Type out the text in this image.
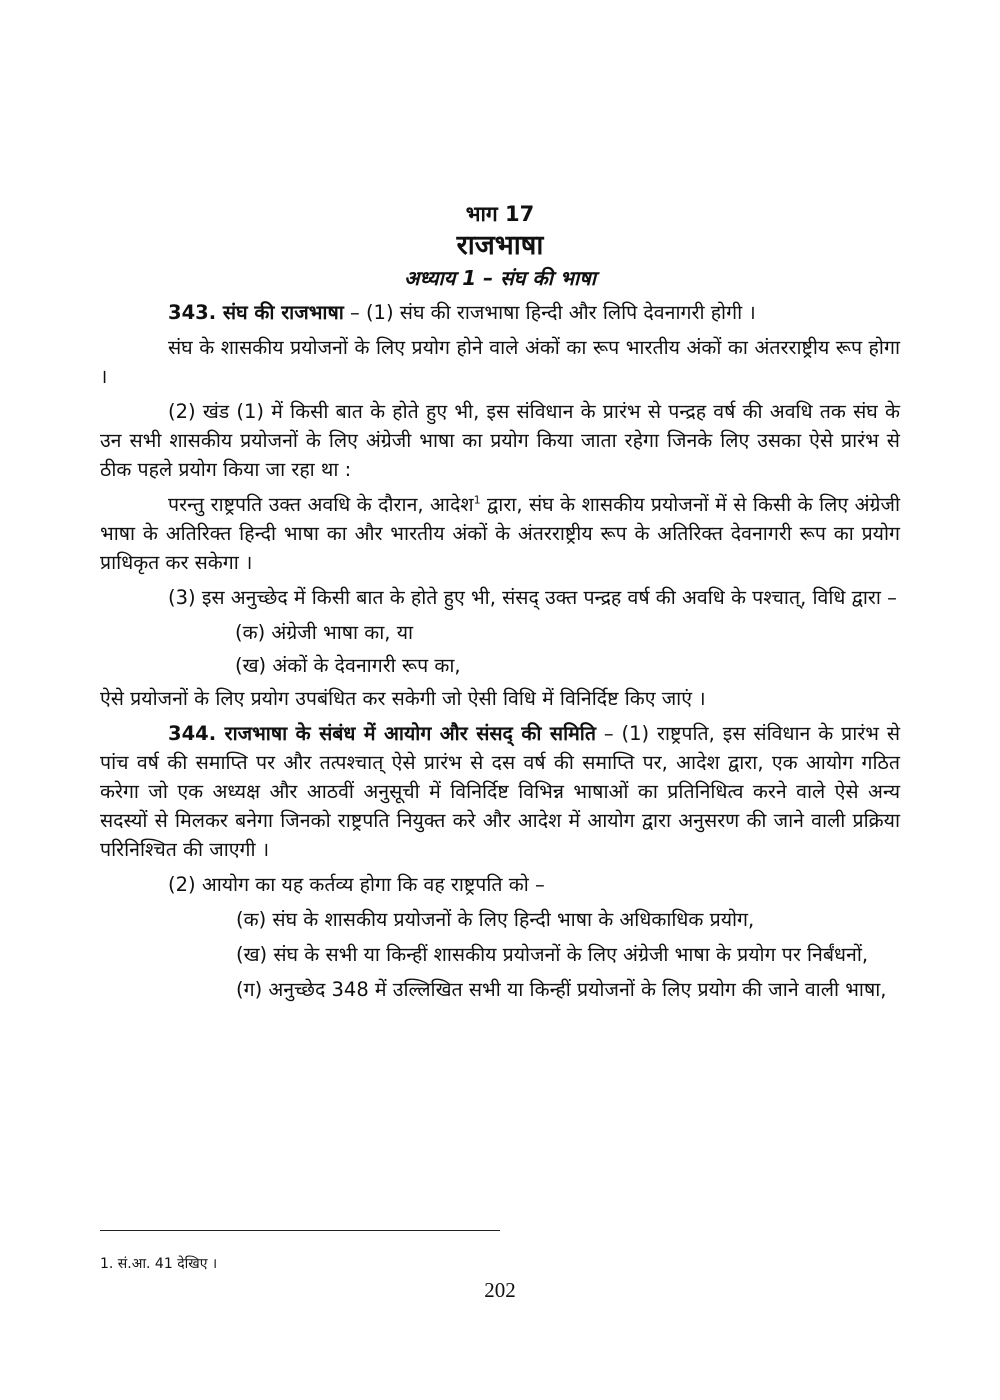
भाग 17

राजभाषा

अध्याय 1 – संघ की भाषा

343. संघ की राजभाषा – (1) संघ की राजभाषा हिन्दी और लिपि देवनागरी होगी ।

संघ के शासकीय प्रयोजनों के लिए प्रयोग होने वाले अंकों का रूप भारतीय अंकों का अंतरराष्ट्रीय रूप होगा ।

(2) खंड (1) में किसी बात के होते हुए भी, इस संविधान के प्रारंभ से पन्द्रह वर्ष की अवधि तक संघ के उन सभी शासकीय प्रयोजनों के लिए अंग्रेजी भाषा का प्रयोग किया जाता रहेगा जिनके लिए उसका ऐसे प्रारंभ से ठीक पहले प्रयोग किया जा रहा था :

परन्तु राष्ट्रपति उक्त अवधि के दौरान, आदेश$^1$ द्वारा, संघ के शासकीय प्रयोजनों में से किसी के लिए अंग्रेजी भाषा के अतिरिक्त हिन्दी भाषा का और भारतीय अंकों के अंतरराष्ट्रीय रूप के अतिरिक्त देवनागरी रूप का प्रयोग प्राधिकृत कर सकेगा ।

(3) इस अनुच्छेद में किसी बात के होते हुए भी, संसद् उक्त पन्द्रह वर्ष की अवधि के पश्चात्, विधि द्वारा –

(क) अंग्रेजी भाषा का, या

(ख) अंकों के देवनागरी रूप का,

ऐसे प्रयोजनों के लिए प्रयोग उपबंधित कर सकेगी जो ऐसी विधि में विनिर्दिष्ट किए जाएं ।

344. राजभाषा के संबंध में आयोग और संसद् की समिति – (1) राष्ट्रपति, इस संविधान के प्रारंभ से पांच वर्ष की समाप्ति पर और तत्पश्चात् ऐसे प्रारंभ से दस वर्ष की समाप्ति पर, आदेश द्वारा, एक आयोग गठित करेगा जो एक अध्यक्ष और आठवीं अनुसूची में विनिर्दिष्ट विभिन्न भाषाओं का प्रतिनिधित्व करने वाले ऐसे अन्य सदस्यों से मिलकर बनेगा जिनको राष्ट्रपति नियुक्त करे और आदेश में आयोग द्वारा अनुसरण की जाने वाली प्रक्रिया परिनिश्चित की जाएगी ।

(2) आयोग का यह कर्तव्य होगा कि वह राष्ट्रपति को –

(क) संघ के शासकीय प्रयोजनों के लिए हिन्दी भाषा के अधिकाधिक प्रयोग,

(ख) संघ के सभी या किन्हीं शासकीय प्रयोजनों के लिए अंग्रेजी भाषा के प्रयोग पर निर्बंधनों,

(ग) अनुच्छेद 348 में उल्लिखित सभी या किन्हीं प्रयोजनों के लिए प्रयोग की जाने वाली भाषा,

1. सं.आ. 41 देखिए ।

202
